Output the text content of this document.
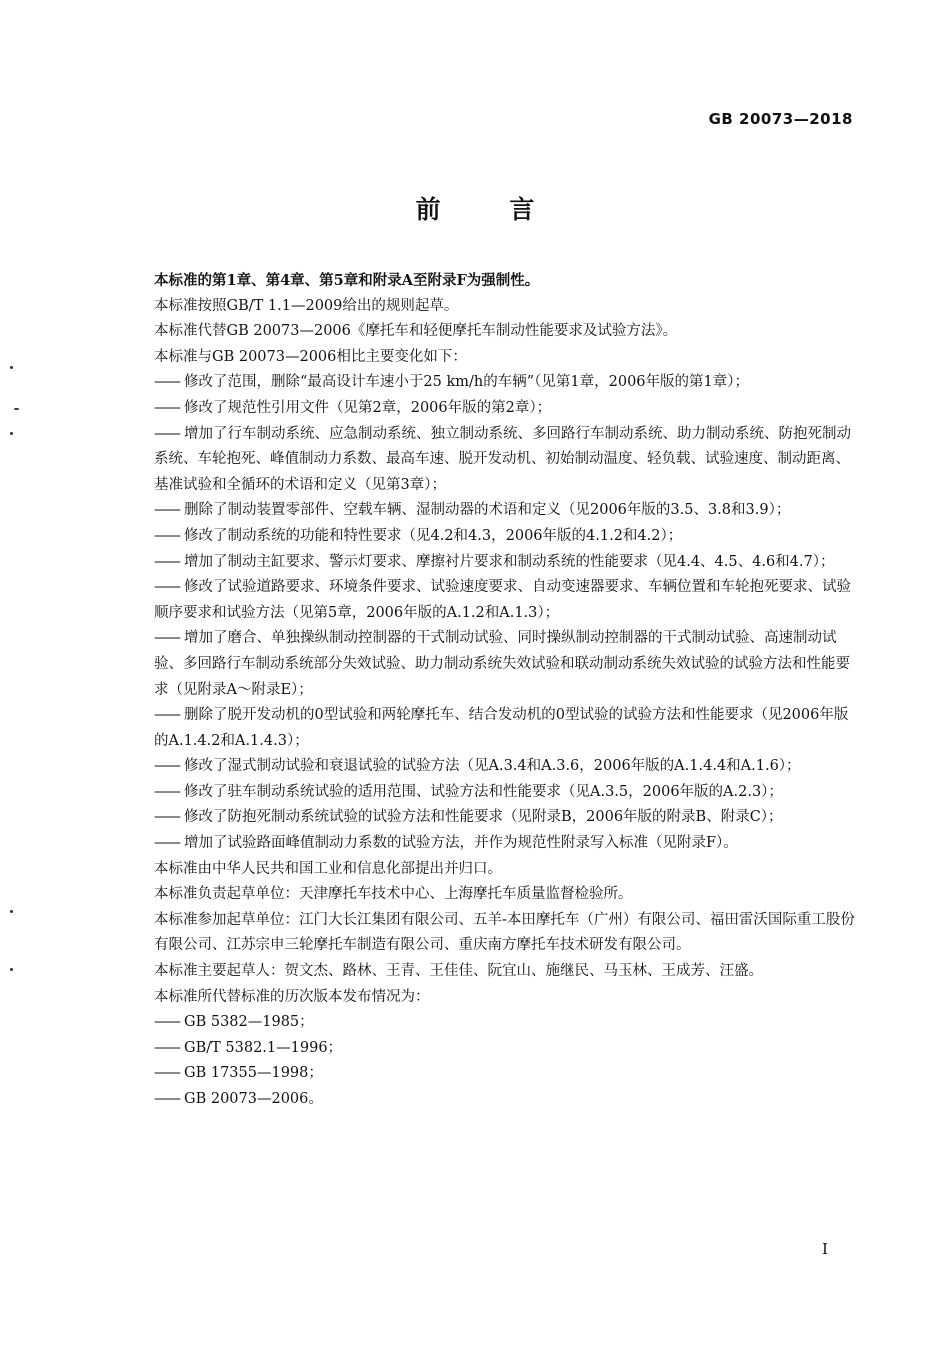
GB 20073—2018
前 言

本标准的第1章、第4章、第5章和附录A至附录F为强制性。

本标准按照GB/T 1.1—2009给出的规则起草。

本标准代替GB 20073—2006《摩托车和轻便摩托车制动性能要求及试验方法》。

本标准与GB 20073—2006相比主要变化如下：

—— 修改了范围，删除“最高设计车速小于25 km/h的车辆”（见第1章，2006年版的第1章）；

—— 修改了规范性引用文件（见第2章，2006年版的第2章）；

—— 增加了行车制动系统、应急制动系统、独立制动系统、多回路行车制动系统、助力制动系统、防抱死制动系统、车轮抱死、峰值制动力系数、最高车速、脱开发动机、初始制动温度、轻负载、试验速度、制动距离、基准试验和全循环的术语和定义（见第3章）；

—— 删除了制动装置零部件、空载车辆、湿制动器的术语和定义（见2006年版的3.5、3.8和3.9）；

—— 修改了制动系统的功能和特性要求（见4.2和4.3，2006年版的4.1.2和4.2）；

—— 增加了制动主缸要求、警示灯要求、摩擦衬片要求和制动系统的性能要求（见4.4、4.5、4.6和4.7）；

—— 修改了试验道路要求、环境条件要求、试验速度要求、自动变速器要求、车辆位置和车轮抱死要求、试验顺序要求和试验方法（见第5章，2006年版的A.1.2和A.1.3）；

—— 增加了磨合、单独操纵制动控制器的干式制动试验、同时操纵制动控制器的干式制动试验、高速制动试验、多回路行车制动系统部分失效试验、助力制动系统失效试验和联动制动系统失效试验的试验方法和性能要求（见附录A～附录E）；

—— 删除了脱开发动机的0型试验和两轮摩托车、结合发动机的0型试验的试验方法和性能要求（见2006年版的A.1.4.2和A.1.4.3）；

—— 修改了湿式制动试验和衰退试验的试验方法（见A.3.4和A.3.6，2006年版的A.1.4.4和A.1.6）；

—— 修改了驻车制动系统试验的适用范围、试验方法和性能要求（见A.3.5，2006年版的A.2.3）；

—— 修改了防抱死制动系统试验的试验方法和性能要求（见附录B，2006年版的附录B、附录C）；

—— 增加了试验路面峰值制动力系数的试验方法，并作为规范性附录写入标准（见附录F）。

本标准由中华人民共和国工业和信息化部提出并归口。

本标准负责起草单位：天津摩托车技术中心、上海摩托车质量监督检验所。

本标准参加起草单位：江门大长江集团有限公司、五羊-本田摩托车（广州）有限公司、福田雷沃国际重工股份有限公司、江苏宗申三轮摩托车制造有限公司、重庆南方摩托车技术研发有限公司。

本标准主要起草人：贺文杰、路林、王青、王佳佳、阮宜山、施继民、马玉林、王成芳、汪盛。

本标准所代替标准的历次版本发布情况为：

—— GB 5382—1985；

—— GB/T 5382.1—1996；

—— GB 17355—1998；

—— GB 20073—2006。

I
